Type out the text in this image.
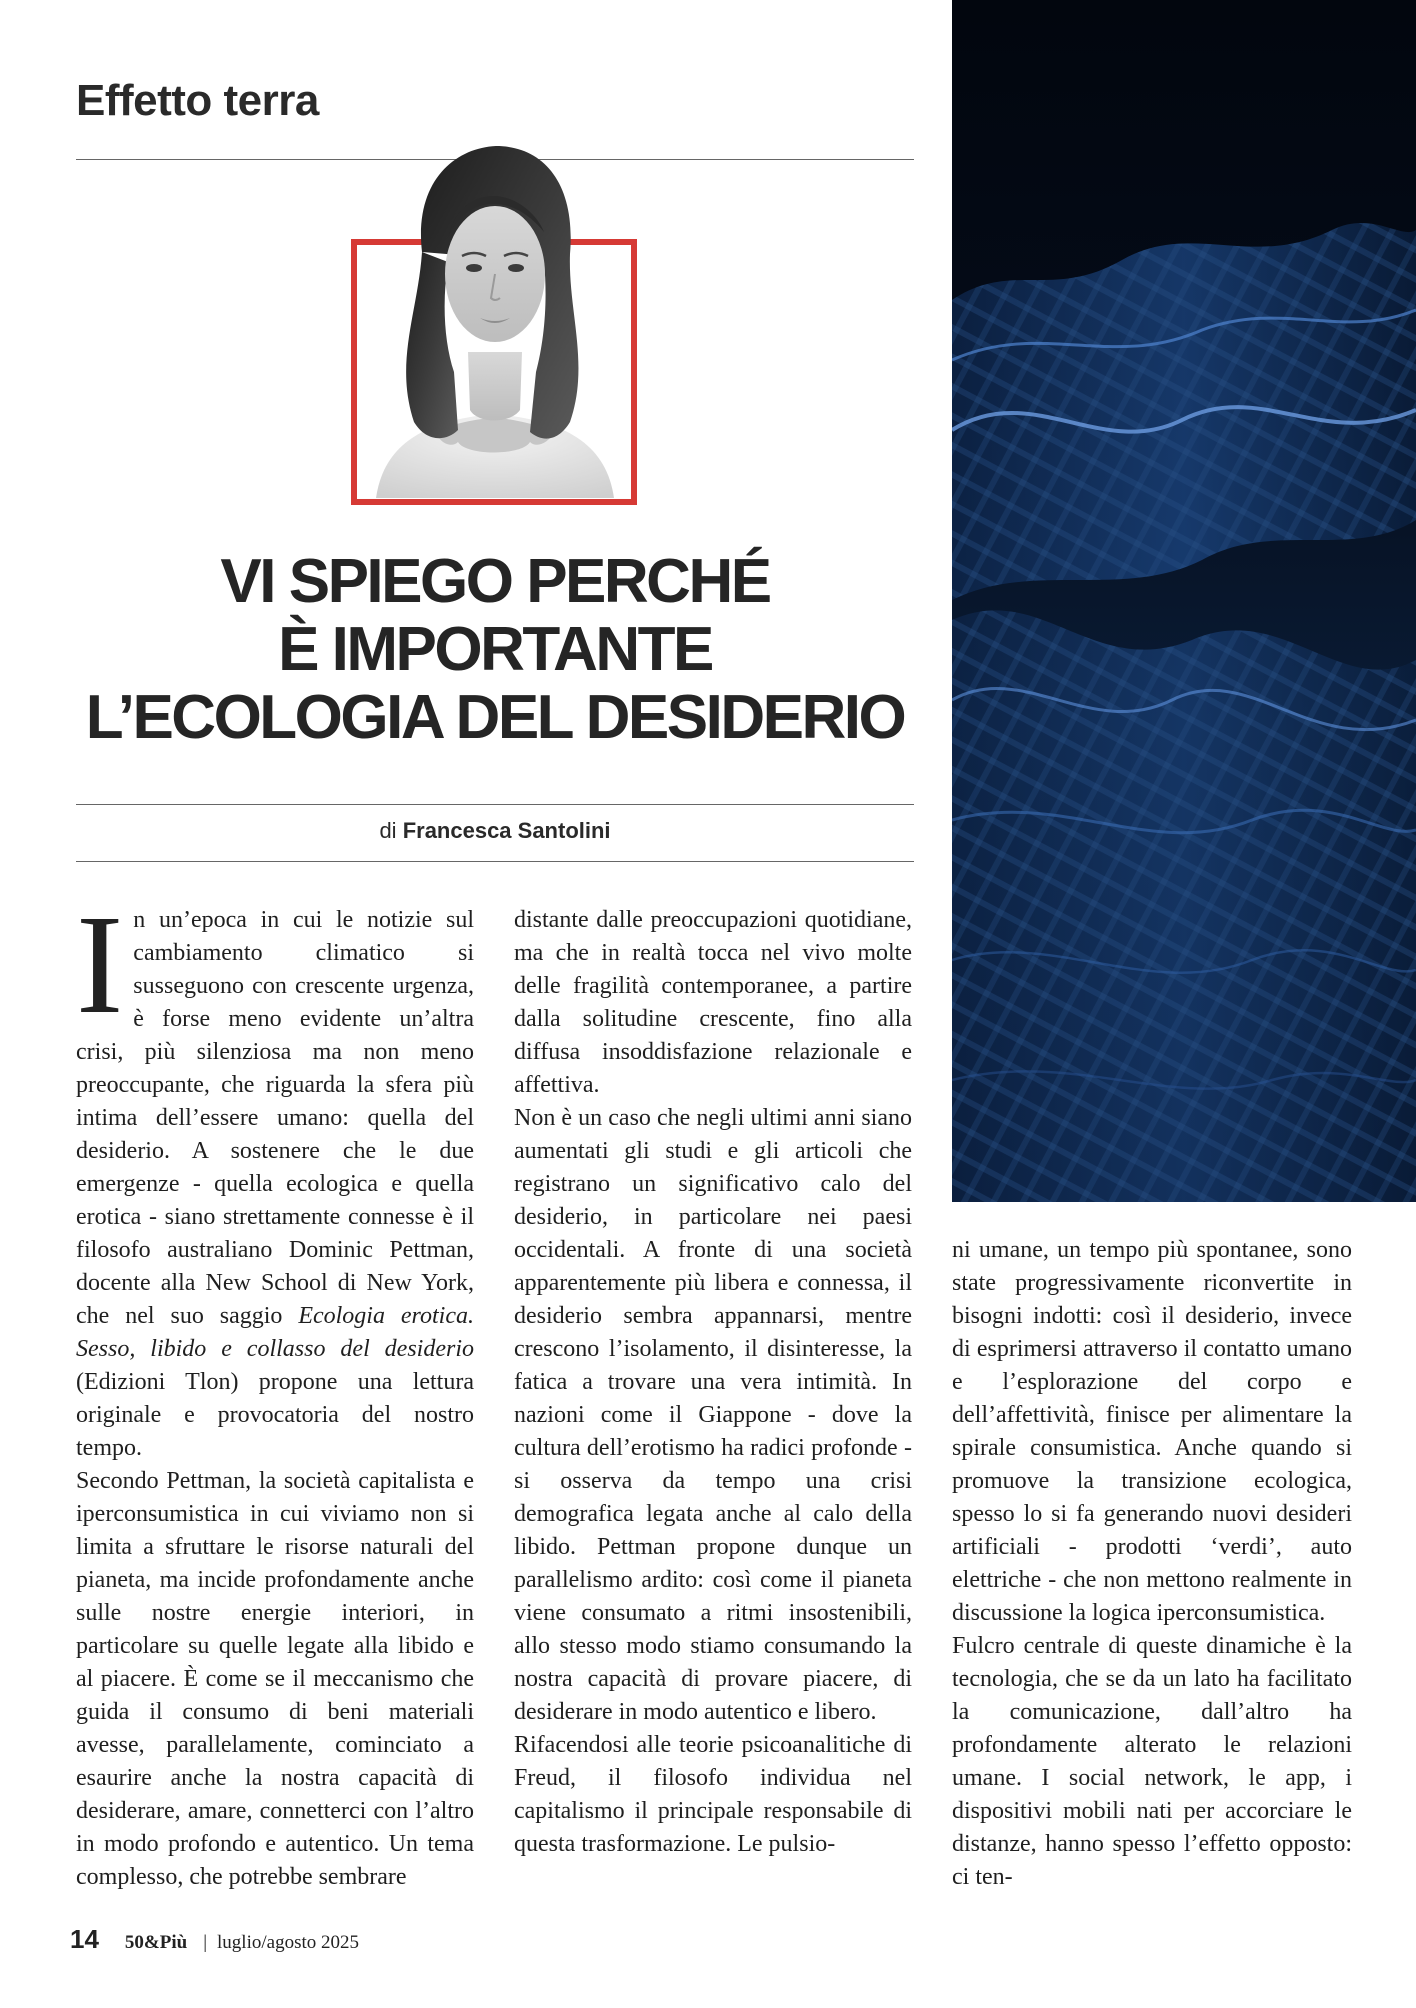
Effetto terra
VI SPIEGO PERCHÉ
È IMPORTANTE
L’ECOLOGIA DEL DESIDERIO
di Francesca Santolini

In un’epoca in cui le notizie sul cambiamento climatico si susseguono con crescente urgenza, è forse meno evidente un’altra crisi, più silenziosa ma non meno preoccupante, che riguarda la sfera più intima dell’essere umano: quella del desiderio. A sostenere che le due emergenze - quella ecologica e quella erotica - siano strettamente connesse è il filosofo australiano Dominic Pettman, docente alla New School di New York, che nel suo saggio Ecologia erotica. Sesso, libido e collasso del desiderio (Edizioni Tlon) propone una lettura originale e provocatoria del nostro tempo.

Secondo Pettman, la società capitalista e iperconsumistica in cui viviamo non si limita a sfruttare le risorse naturali del pianeta, ma incide profondamente anche sulle nostre energie interiori, in particolare su quelle legate alla libido e al piacere. È come se il meccanismo che guida il consumo di beni materiali avesse, parallelamente, cominciato a esaurire anche la nostra capacità di desiderare, amare, connetterci con l’altro in modo profondo e autentico. Un tema complesso, che potrebbe sembrare

distante dalle preoccupazioni quotidiane, ma che in realtà tocca nel vivo molte delle fragilità contemporanee, a partire dalla solitudine crescente, fino alla diffusa insoddisfazione relazionale e affettiva.

Non è un caso che negli ultimi anni siano aumentati gli studi e gli articoli che registrano un significativo calo del desiderio, in particolare nei paesi occidentali. A fronte di una società apparentemente più libera e connessa, il desiderio sembra appannarsi, mentre crescono l’isolamento, il disinteresse, la fatica a trovare una vera intimità. In nazioni come il Giappone - dove la cultura dell’erotismo ha radici profonde - si osserva da tempo una crisi demografica legata anche al calo della libido. Pettman propone dunque un parallelismo ardito: così come il pianeta viene consumato a ritmi insostenibili, allo stesso modo stiamo consumando la nostra capacità di provare piacere, di desiderare in modo autentico e libero.

Rifacendosi alle teorie psicoanalitiche di Freud, il filosofo individua nel capitalismo il principale responsabile di questa trasformazione. Le pulsio-

ni umane, un tempo più spontanee, sono state progressivamente riconvertite in bisogni indotti: così il desiderio, invece di esprimersi attraverso il contatto umano e l’esplorazione del corpo e dell’affettività, finisce per alimentare la spirale consumistica. Anche quando si promuove la transizione ecologica, spesso lo si fa generando nuovi desideri artificiali - prodotti ‘verdi’, auto elettriche - che non mettono realmente in discussione la logica iperconsumistica.

Fulcro centrale di queste dinamiche è la tecnologia, che se da un lato ha facilitato la comunicazione, dall’altro ha profondamente alterato le relazioni umane. I social network, le app, i dispositivi mobili nati per accorciare le distanze, hanno spesso l’effetto opposto: ci ten-

14 50&Più | luglio/agosto 2025
